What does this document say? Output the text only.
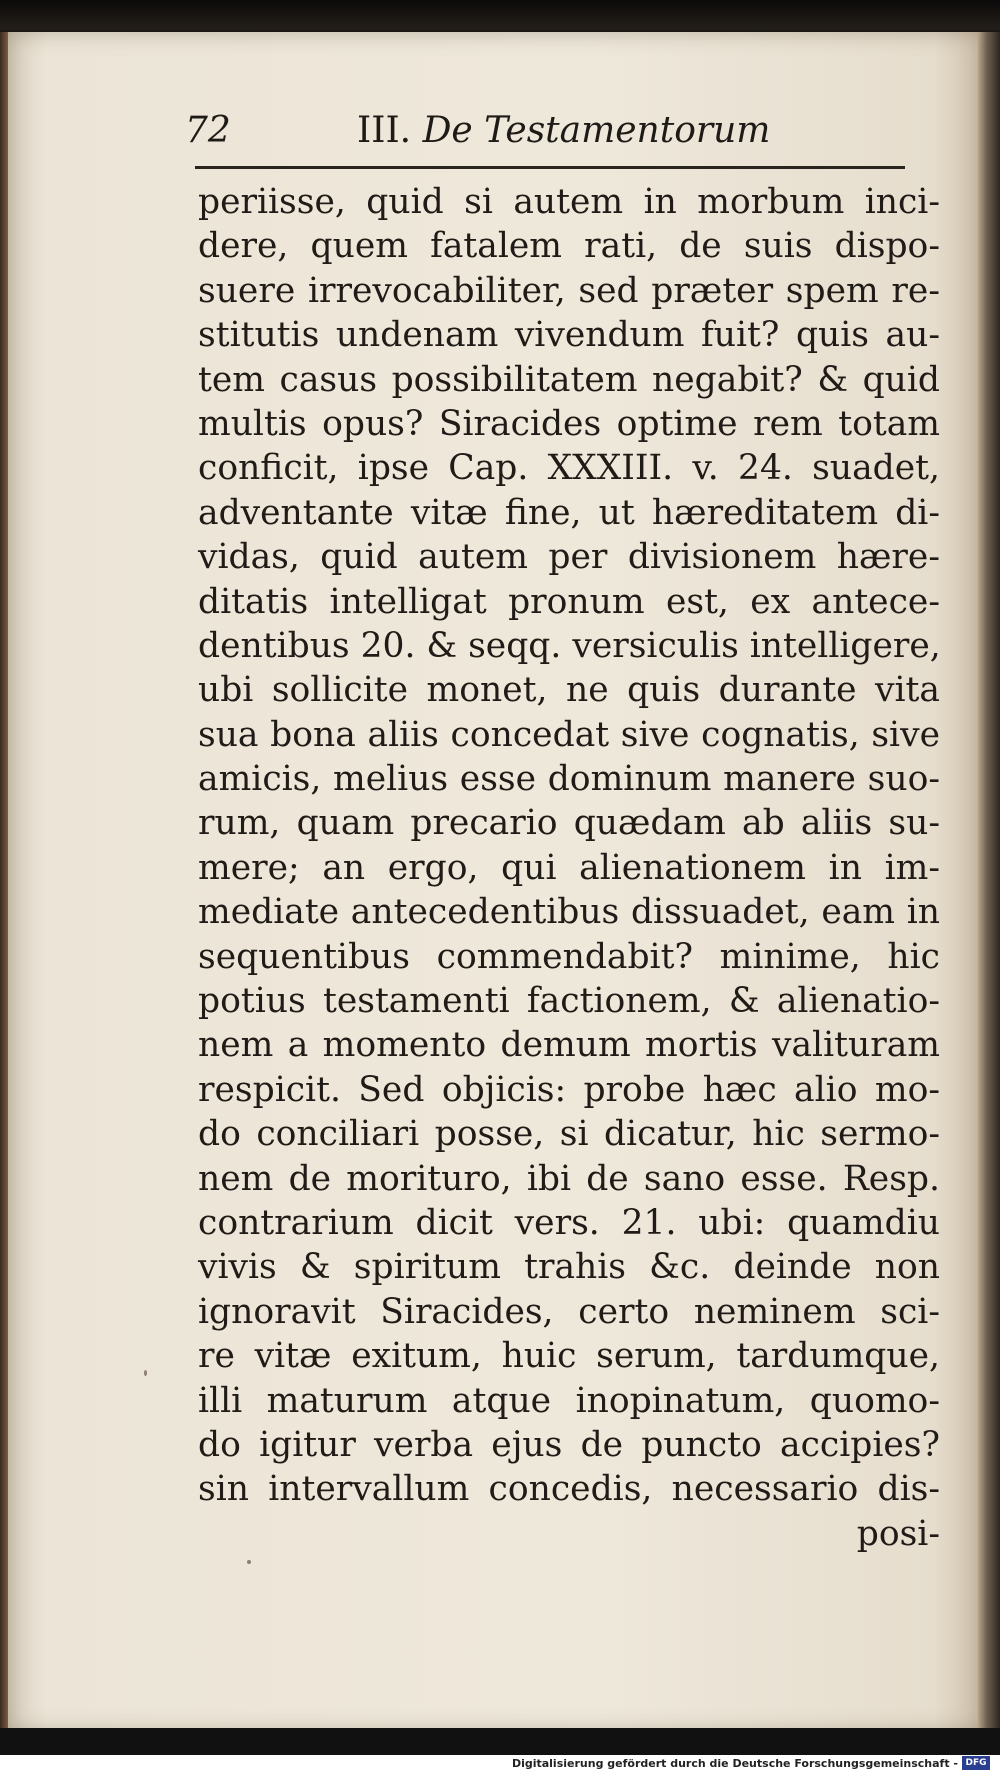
72	III. De Testamentorum
periisse, quid si autem in morbum inci-
dere, quem fatalem rati, de suis dispo-
suere irrevocabiliter, sed præter spem re-
stitutis undenam vivendum fuit? quis au-
tem casus possibilitatem negabit? & quid
multis opus? Siracides optime rem totam
conficit, ipse Cap. XXXIII. v. 24. suadet,
adventante vitæ fine, ut hæreditatem di-
vidas, quid autem per divisionem hære-
ditatis intelligat pronum est, ex antece-
dentibus 20. & seqq. versiculis intelligere,
ubi sollicite monet, ne quis durante vita
sua bona aliis concedat sive cognatis, sive
amicis, melius esse dominum manere suo-
rum, quam precario quædam ab aliis su-
mere; an ergo, qui alienationem in im-
mediate antecedentibus dissuadet, eam in
sequentibus commendabit? minime, hic
potius testamenti factionem, & alienatio-
nem a momento demum mortis valituram
respicit. Sed objicis: probe hæc alio mo-
do conciliari posse, si dicatur, hic sermo-
nem de morituro, ibi de sano esse. Resp.
contrarium dicit vers. 21. ubi: quamdiu
vivis & spiritum trahis &c. deinde non
ignoravit Siracides, certo neminem sci-
re vitæ exitum, huic serum, tardumque,
illi maturum atque inopinatum, quomo-
do igitur verba ejus de puncto accipies?
sin intervallum concedis, necessario dis-
posi-
Digitalisierung gefördert durch die Deutsche Forschungsgemeinschaft - DFG
